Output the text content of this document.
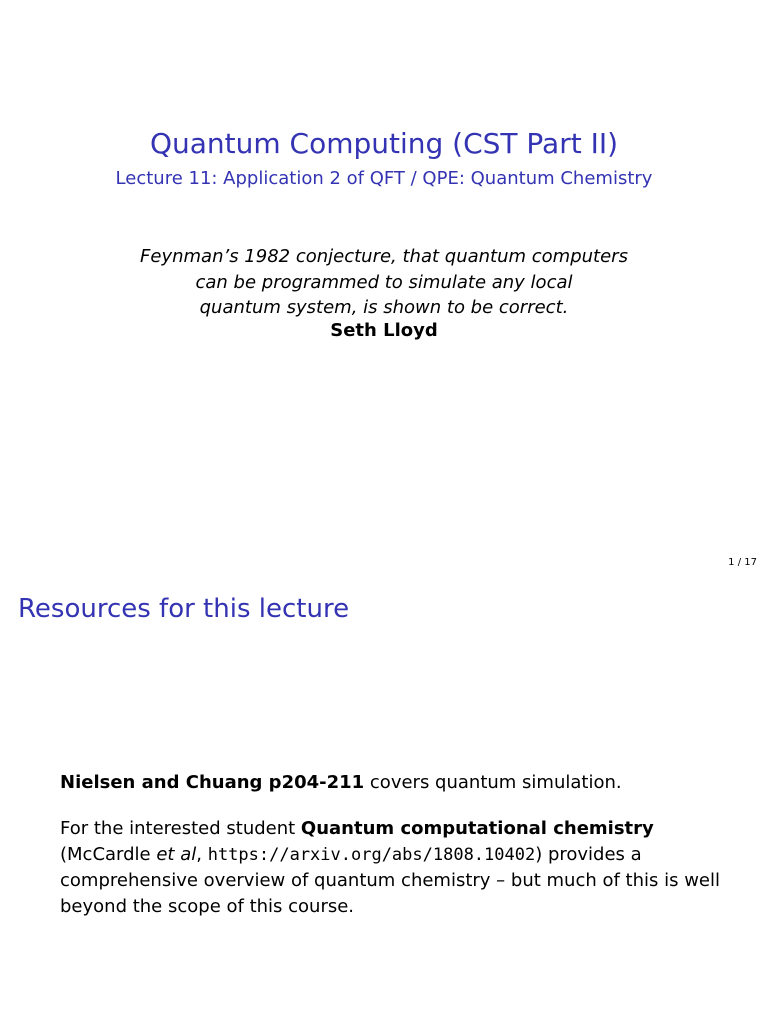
Quantum Computing (CST Part II)
Lecture 11: Application 2 of QFT / QPE: Quantum Chemistry
Feynman’s 1982 conjecture, that quantum computers
can be programmed to simulate any local
quantum system, is shown to be correct.
Seth Lloyd
1 / 17
Resources for this lecture
Nielsen and Chuang p204-211 covers quantum simulation.
For the interested student Quantum computational chemistry
(McCardle et al, https://arxiv.org/abs/1808.10402) provides a
comprehensive overview of quantum chemistry – but much of this is well
beyond the scope of this course.
